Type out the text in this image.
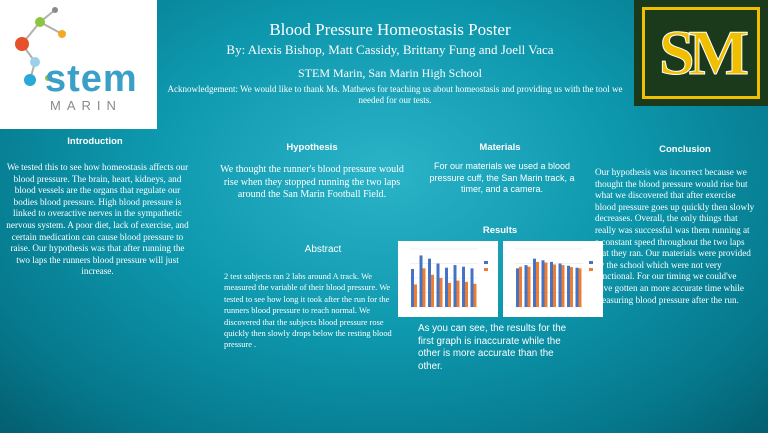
stem
MARIN
SM
Blood Pressure Homeostasis Poster
By: Alexis Bishop, Matt Cassidy, Brittany Fung and Joell Vaca
STEM Marin, San Marin High School
Acknowledgement: We would like to thank Ms. Mathews for teaching us about homeostasis and providing us with the tool we needed for our tests.
Introduction
We tested this to see how homeostasis affects our blood pressure. The brain, heart, kidneys, and blood vessels are the organs that regulate our bodies blood pressure. High blood pressure is linked to overactive nerves in the sympathetic nervous system. A poor diet, lack of exercise, and certain medication can cause blood pressure to raise. Our hypothesis was that after running the two laps the runners blood pressure will just increase.
Hypothesis
We thought the runner's blood pressure would rise when they stopped running the two laps around the San Marin Football Field.
Abstract
2 test subjects ran 2 labs around A track. We measured the variable of their blood pressure. We tested to see how long it took after the run for the runners blood pressure to reach normal. We discovered that the subjects blood pressure rose quickly then slowly drops below the resting blood pressure .
Materials
For our materials we used a blood pressure cuff, the San Marin track, a timer, and a camera.
Results
As you can see, the results for the first graph is inaccurate while the other is more accurate than the other.
Conclusion
Our hypothesis was incorrect because we thought the blood pressure would rise but what we discovered that after exercise blood pressure goes up quickly then slowly decreases. Overall, the only things that really was successful was them running at a constant speed throughout the two laps that they ran. Our materials were provided by the school which were not very functional. For our timing we could've have gotten an more accurate time while measuring blood pressure after the run.
